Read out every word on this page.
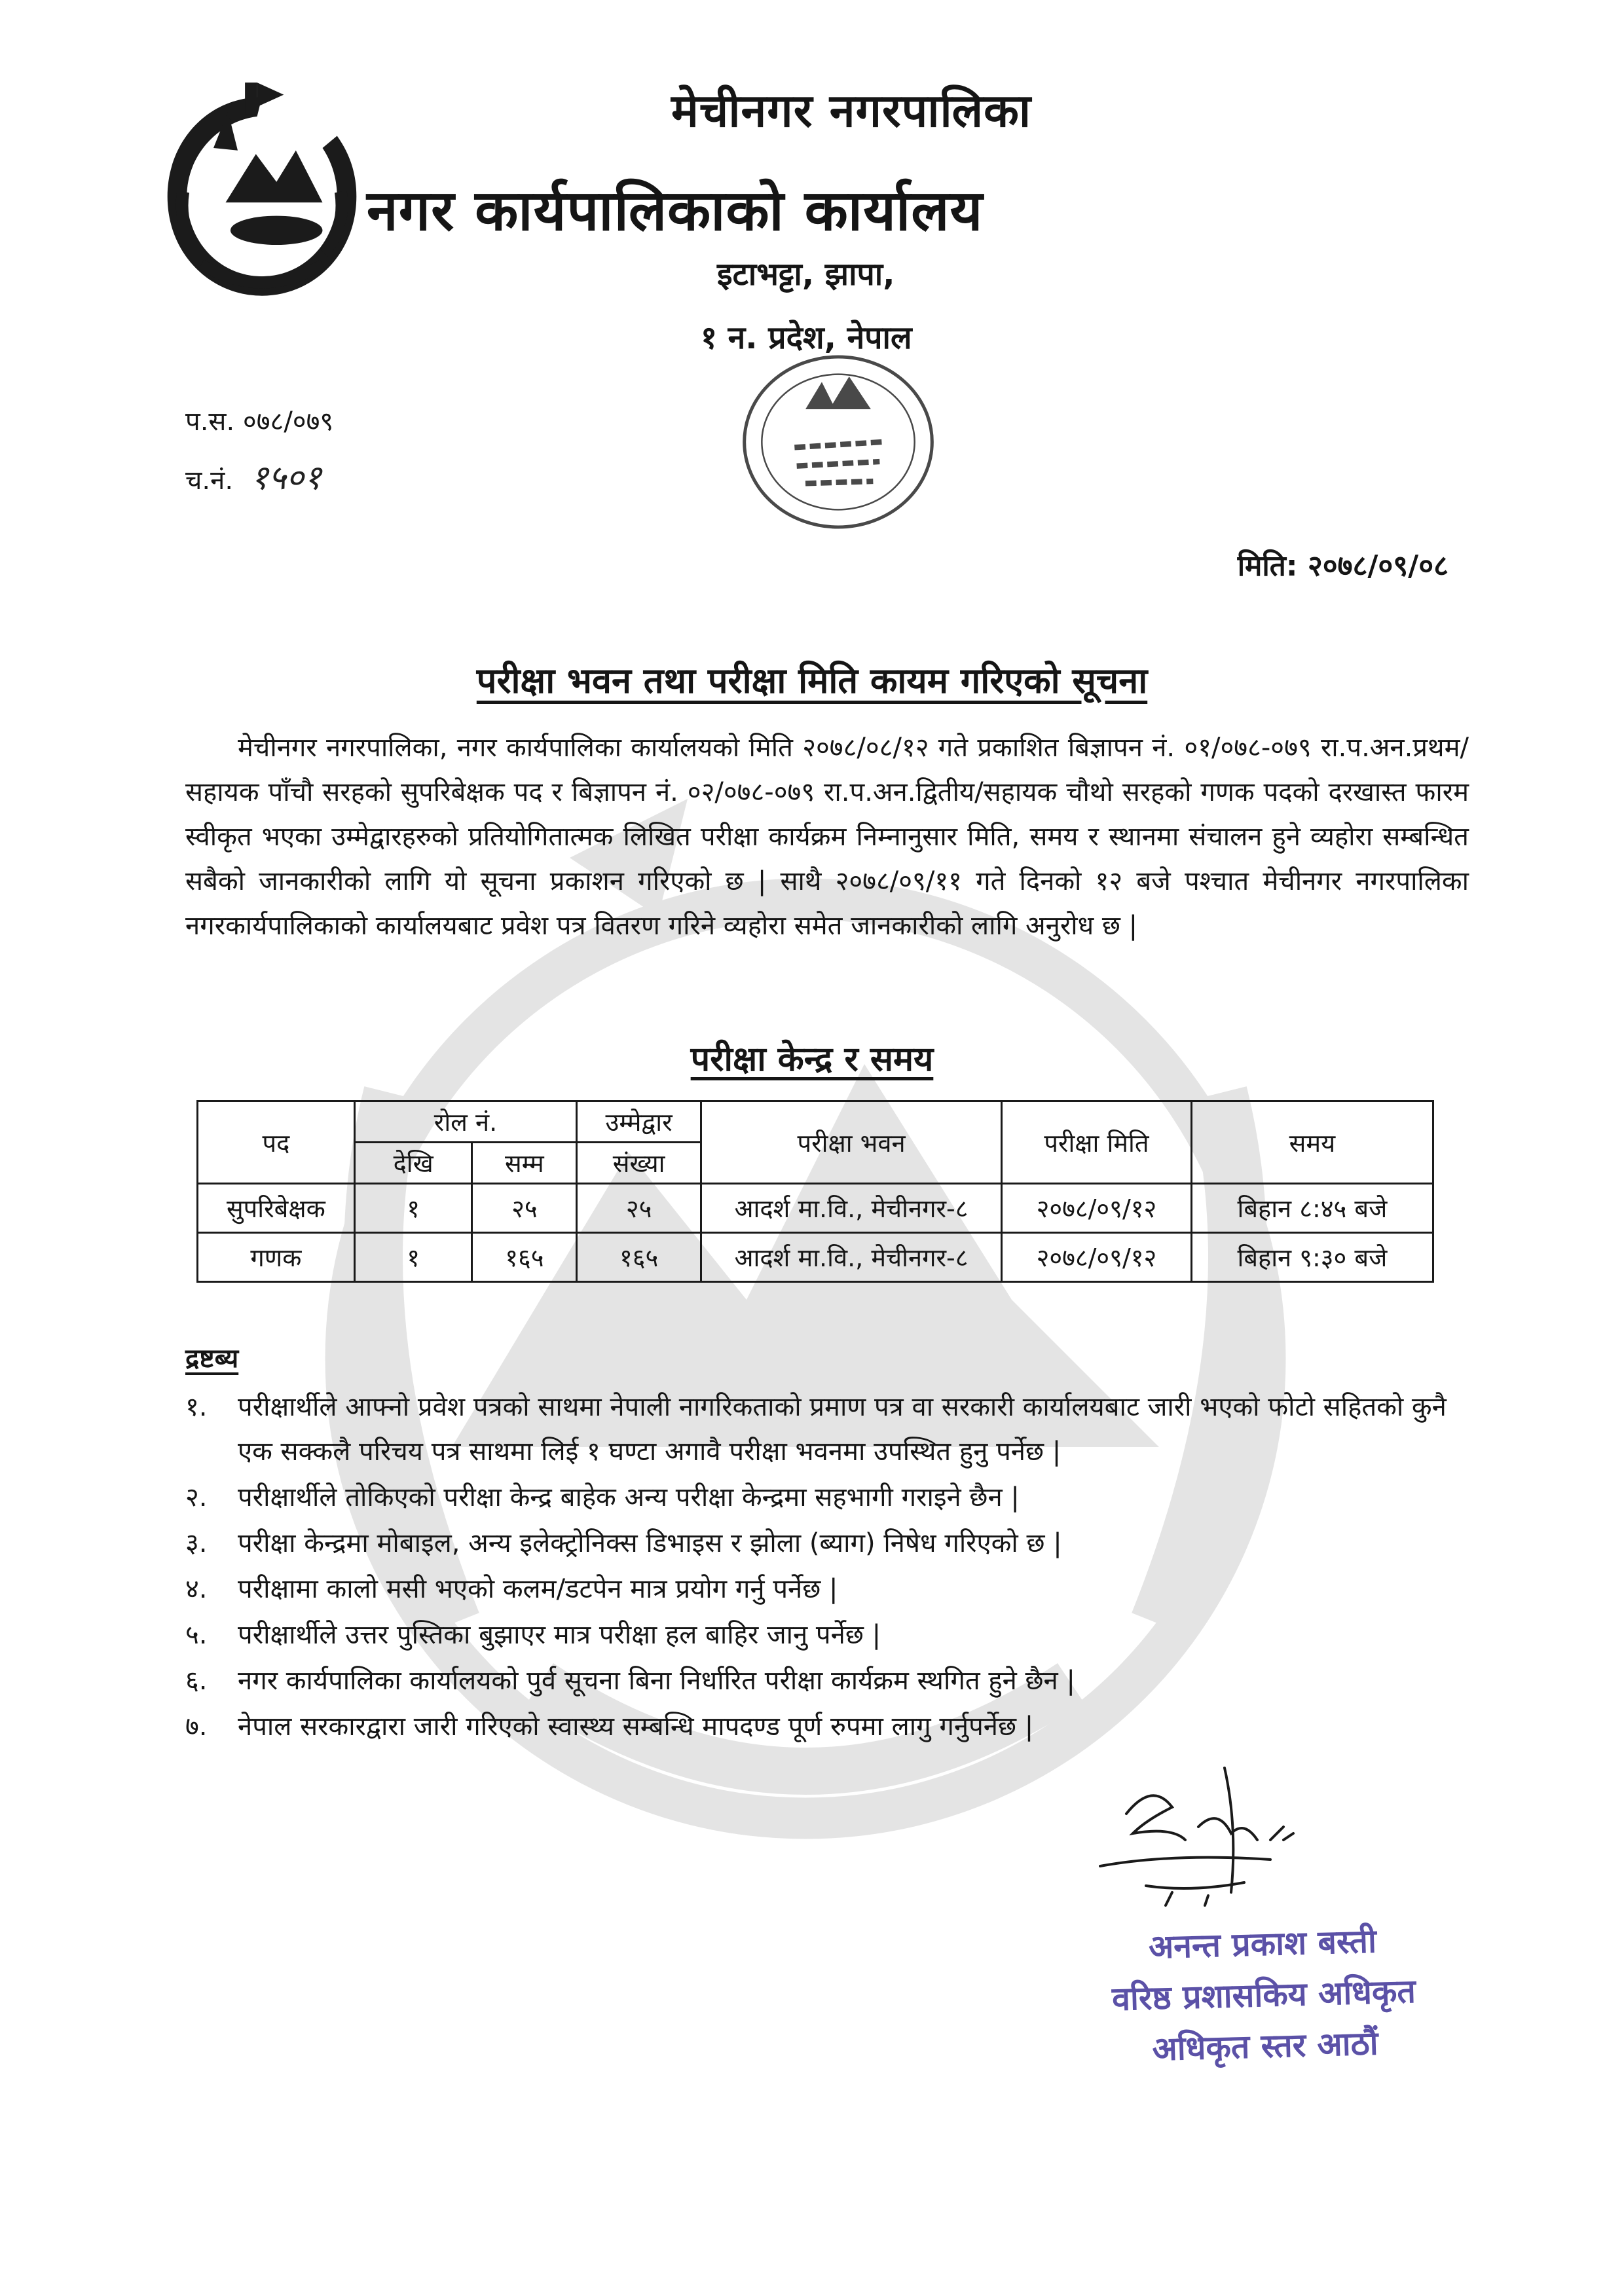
मेचीनगर नगरपालिका
नगर कार्यपालिकाको कार्यालय
इटाभट्टा, झापा,
१ न. प्रदेश, नेपाल
प.स. ०७८/०७९
च.नं. १५०१
मिति: २०७८/०९/०८
परीक्षा भवन तथा परीक्षा मिति कायम गरिएको सूचना
मेचीनगर नगरपालिका, नगर कार्यपालिका कार्यालयको मिति २०७८/०८/१२ गते प्रकाशित बिज्ञापन नं. ०१/०७८-०७९ रा.प.अन.प्रथम/सहायक पाँचौ सरहको सुपरिबेक्षक पद र बिज्ञापन नं. ०२/०७८-०७९ रा.प.अन.द्वितीय/सहायक चौथो सरहको गणक पदको दरखास्त फारम स्वीकृत भएका उम्मेद्वारहरुको प्रतियोगितात्मक लिखित परीक्षा कार्यक्रम निम्नानुसार मिति, समय र स्थानमा संचालन हुने व्यहोरा सम्बन्धित सबैको जानकारीको लागि यो सूचना प्रकाशन गरिएको छ | साथै २०७८/०९/११ गते दिनको १२ बजे पश्चात मेचीनगर नगरपालिका नगरकार्यपालिकाको कार्यालयबाट प्रवेश पत्र वितरण गरिने व्यहोरा समेत जानकारीको लागि अनुरोध छ |
परीक्षा केन्द्र र समय
पद	रोल नं.		उम्मेद्वार	परीक्षा भवन	परीक्षा मिति	समय
	देखि	सम्म	संख्या			
सुपरिबेक्षक	१	२५	२५	आदर्श मा.वि., मेचीनगर-८	२०७८/०९/१२	बिहान ८:४५ बजे
गणक	१	१६५	१६५	आदर्श मा.वि., मेचीनगर-८	२०७८/०९/१२	बिहान ९:३० बजे
द्रष्टब्य
१. परीक्षार्थीले आफ्नो प्रवेश पत्रको साथमा नेपाली नागरिकताको प्रमाण पत्र वा सरकारी कार्यालयबाट जारी भएको फोटो सहितको कुनै एक सक्कलै परिचय पत्र साथमा लिई १ घण्टा अगावै परीक्षा भवनमा उपस्थित हुनु पर्नेछ |
२. परीक्षार्थीले तोकिएको परीक्षा केन्द्र बाहेक अन्य परीक्षा केन्द्रमा सहभागी गराइने छैन |
३. परीक्षा केन्द्रमा मोबाइल, अन्य इलेक्ट्रोनिक्स डिभाइस र झोला (ब्याग) निषेध गरिएको छ |
४. परीक्षामा कालो मसी भएको कलम/डटपेन मात्र प्रयोग गर्नु पर्नेछ |
५. परीक्षार्थीले उत्तर पुस्तिका बुझाएर मात्र परीक्षा हल बाहिर जानु पर्नेछ |
६. नगर कार्यपालिका कार्यालयको पुर्व सूचना बिना निर्धारित परीक्षा कार्यक्रम स्थगित हुने छैन |
७. नेपाल सरकारद्वारा जारी गरिएको स्वास्थ्य सम्बन्धि मापदण्ड पूर्ण रुपमा लागु गर्नुपर्नेछ |
अनन्त प्रकाश बस्ती
वरिष्ठ प्रशासकिय अधिकृत
अधिकृत स्तर आठौं
